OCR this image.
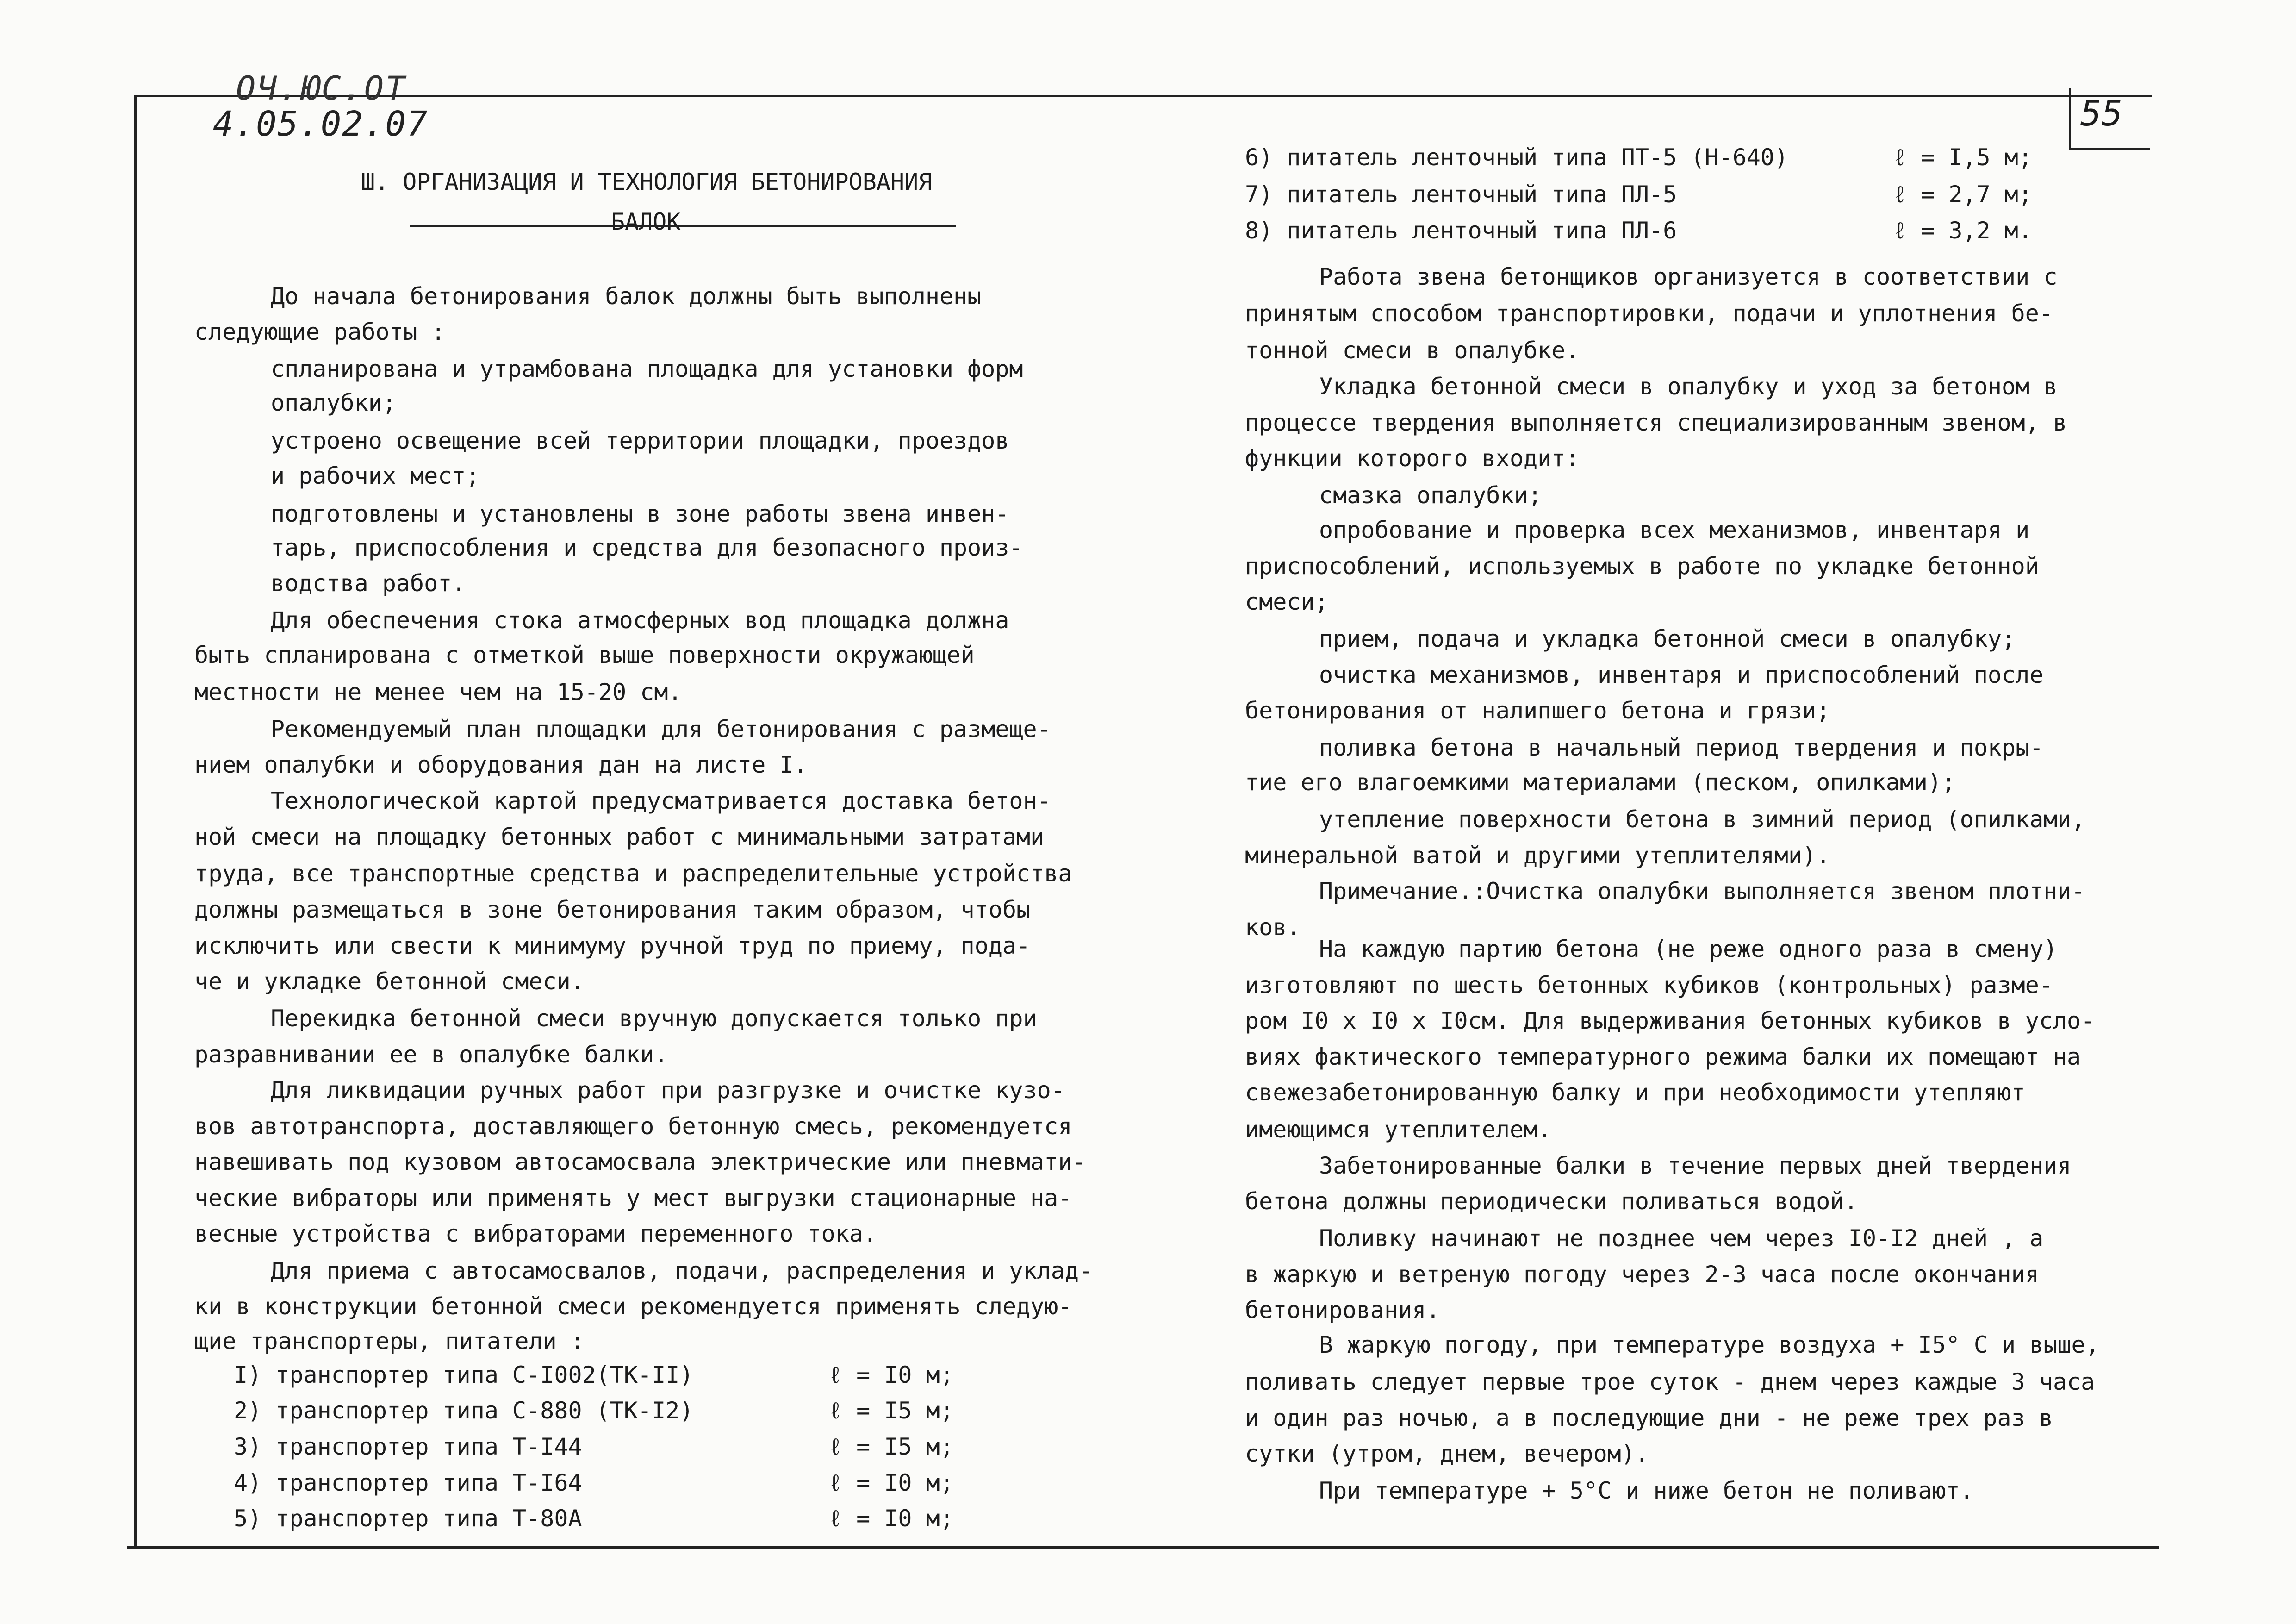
ОЧ.ЮС.ОТ
4.05.02.07	55
Ш. ОРГАНИЗАЦИЯ И ТЕХНОЛОГИЯ БЕТОНИРОВАНИЯ
БАЛОК
До начала бетонирования балок должны быть выполнены
следующие работы :
спланирована и утрамбована площадка для установки форм
опалубки;
устроено освещение всей территории площадки, проездов
и рабочих мест;
подготовлены и установлены в зоне работы звена инвен-
тарь, приспособления и средства для безопасного произ-
водства работ.
Для обеспечения стока атмосферных вод площадка должна
быть спланирована с отметкой выше поверхности окружающей
местности не менее чем на 15-20 см.
Рекомендуемый план площадки для бетонирования с размеще-
нием опалубки и оборудования дан на листе I.
Технологической картой предусматривается доставка бетон-
ной смеси на площадку бетонных работ с минимальными затратами
труда, все транспортные средства и распределительные устройства
должны размещаться в зоне бетонирования таким образом, чтобы
исключить или свести к минимуму ручной труд по приему, пода-
че и укладке бетонной смеси.
Перекидка бетонной смеси вручную допускается только при
разравнивании ее в опалубке балки.
Для ликвидации ручных работ при разгрузке и очистке кузо-
вов автотранспорта, доставляющего бетонную смесь, рекомендуется
навешивать под кузовом автосамосвала электрические или пневмати-
ческие вибраторы или применять у мест выгрузки стационарные на-
весные устройства с вибраторами переменного тока.
Для приема с автосамосвалов, подачи, распределения и уклад-
ки в конструкции бетонной смеси рекомендуется применять следую-
щие транспортеры, питатели :
I) транспортер типа С-I002(ТК-II)	ℓ = I0 м;
2) транспортер типа С-880 (ТК-I2)	ℓ = I5 м;
3) транспортер типа Т-I44	ℓ = I5 м;
4) транспортер типа Т-I64	ℓ = I0 м;
5) транспортер типа Т-80А	ℓ = I0 м;
6) питатель ленточный типа ПТ-5 (Н-640)	ℓ = I,5 м;
7) питатель ленточный типа ПЛ-5	ℓ = 2,7 м;
8) питатель ленточный типа ПЛ-6	ℓ = 3,2 м.
Работа звена бетонщиков организуется в соответствии с
принятым способом транспортировки, подачи и уплотнения бе-
тонной смеси в опалубке.
Укладка бетонной смеси в опалубку и уход за бетоном в
процессе твердения выполняется специализированным звеном, в
функции которого входит:
смазка опалубки;
опробование и проверка всех механизмов, инвентаря и
приспособлений, используемых в работе по укладке бетонной
смеси;
прием, подача и укладка бетонной смеси в опалубку;
очистка механизмов, инвентаря и приспособлений после
бетонирования от налипшего бетона и грязи;
поливка бетона в начальный период твердения и покры-
тие его влагоемкими материалами (песком, опилками);
утепление поверхности бетона в зимний период (опилками,
минеральной ватой и другими утеплителями).
Примечание.:Очистка опалубки выполняется звеном плотни-
ков.
На каждую партию бетона (не реже одного раза в смену)
изготовляют по шесть бетонных кубиков (контрольных) разме-
ром I0 х I0 х I0см. Для выдерживания бетонных кубиков в усло-
виях фактического температурного режима балки их помещают на
свежезабетонированную балку и при необходимости утепляют
имеющимся утеплителем.
Забетонированные балки в течение первых дней твердения
бетона должны периодически поливаться водой.
Поливку начинают не позднее чем через I0-I2 дней , а
в жаркую и ветреную погоду через 2-3 часа после окончания
бетонирования.
В жаркую погоду, при температуре воздуха + I5° С и выше,
поливать следует первые трое суток - днем через каждые 3 часа
и один раз ночью, а в последующие дни - не реже трех раз в
сутки (утром, днем, вечером).
При температуре + 5°С и ниже бетон не поливают.
